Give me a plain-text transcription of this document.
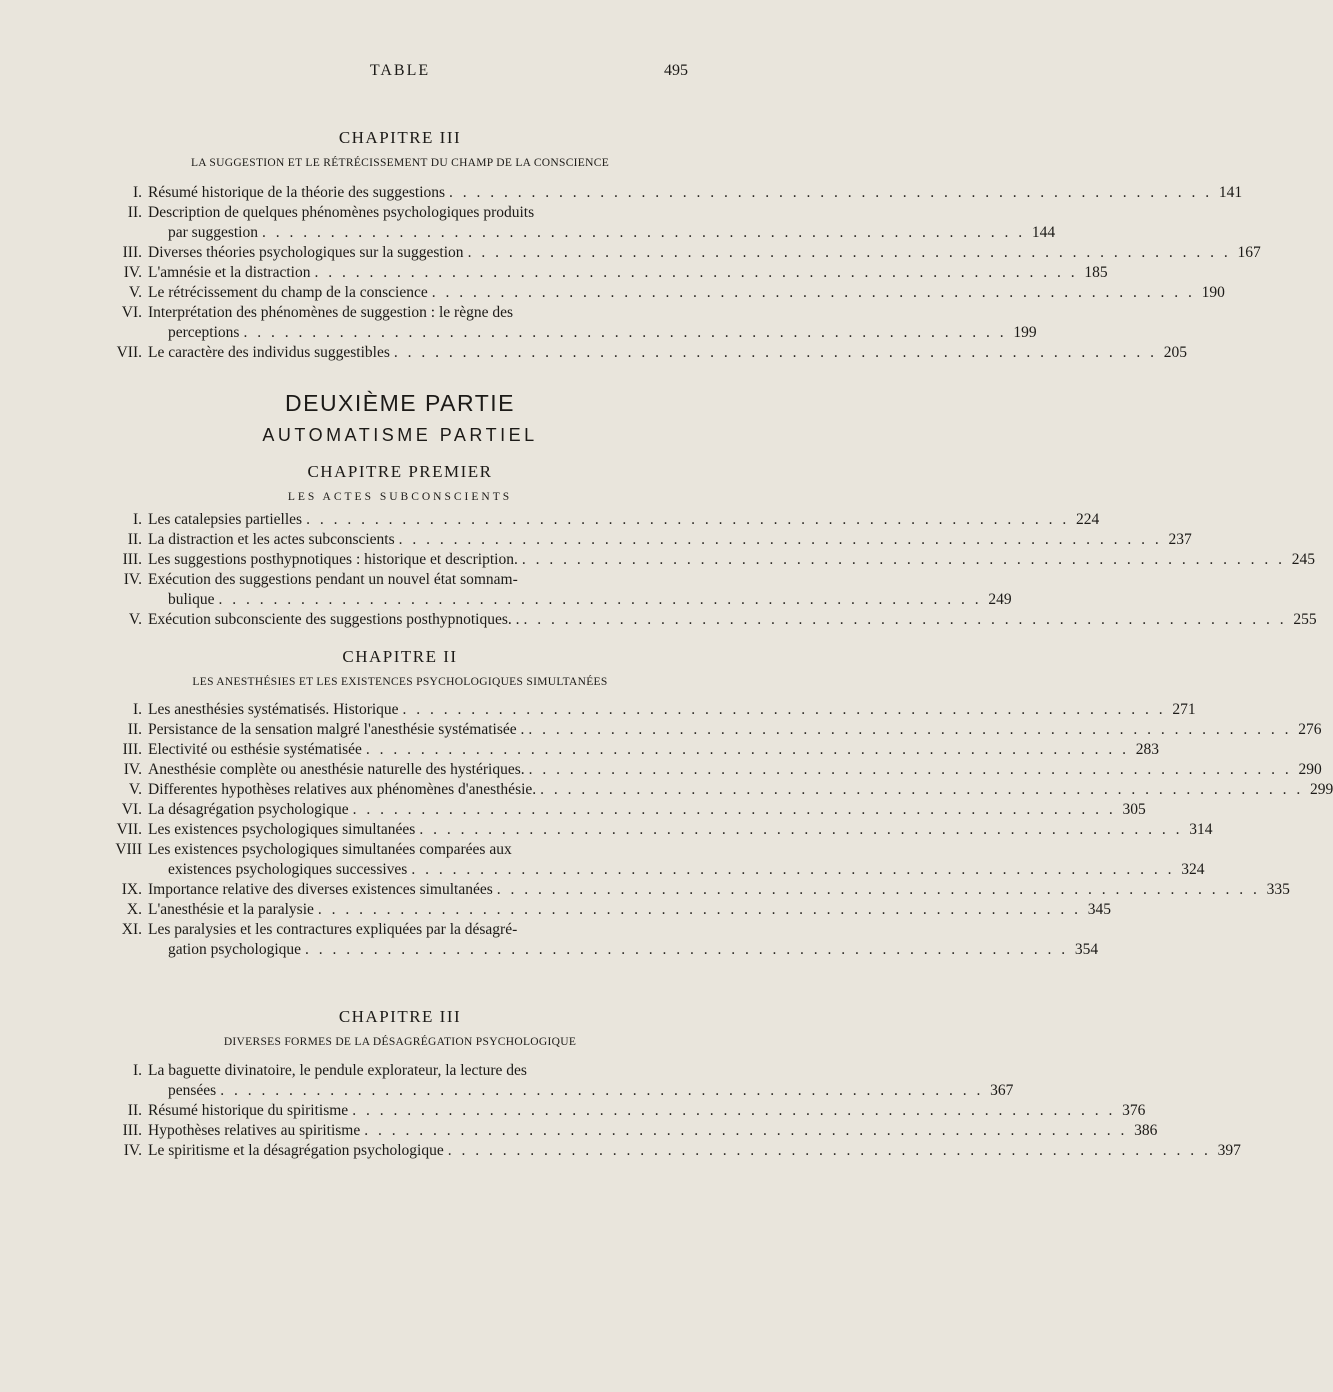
TABLE	495

CHAPITRE III

LA SUGGESTION ET LE RÉTRÉCISSEMENT DU CHAMP DE LA CONSCIENCE

I. Résumé historique de la théorie des suggestions . . . . . . . . . . . . . . . . . . . . . . . . . . . . . . . . . . . . . . . . . . . . . . . . . . . . . . . . 141
II. Description de quelques phénomènes psychologiques produits
par suggestion . . . . . . . . . . . . . . . . . . . . . . . . . . . . . . . . . . . . . . . . . . . . . . . . . . . . . . . . 144
III. Diverses théories psychologiques sur la suggestion . . . . . . . . . . . . . . . . . . . . . . . . . . . . . . . . . . . . . . . . . . . . . . . . . . . . . . . . 167
IV. L'amnésie et la distraction . . . . . . . . . . . . . . . . . . . . . . . . . . . . . . . . . . . . . . . . . . . . . . . . . . . . . . . . 185
V. Le rétrécissement du champ de la conscience . . . . . . . . . . . . . . . . . . . . . . . . . . . . . . . . . . . . . . . . . . . . . . . . . . . . . . . . 190
VI. Interprétation des phénomènes de suggestion : le règne des
perceptions . . . . . . . . . . . . . . . . . . . . . . . . . . . . . . . . . . . . . . . . . . . . . . . . . . . . . . . . 199
VII. Le caractère des individus suggestibles . . . . . . . . . . . . . . . . . . . . . . . . . . . . . . . . . . . . . . . . . . . . . . . . . . . . . . . . 205

DEUXIÈME PARTIE

AUTOMATISME PARTIEL

CHAPITRE PREMIER

LES ACTES SUBCONSCIENTS

I. Les catalepsies partielles . . . . . . . . . . . . . . . . . . . . . . . . . . . . . . . . . . . . . . . . . . . . . . . . . . . . . . . . 224
II. La distraction et les actes subconscients . . . . . . . . . . . . . . . . . . . . . . . . . . . . . . . . . . . . . . . . . . . . . . . . . . . . . . . . 237
III. Les suggestions posthypnotiques : historique et description. . . . . . . . . . . . . . . . . . . . . . . . . . . . . . . . . . . . . . . . . . . . . . . . . . . . . . . . . 245
IV. Exécution des suggestions pendant un nouvel état somnam-
bulique . . . . . . . . . . . . . . . . . . . . . . . . . . . . . . . . . . . . . . . . . . . . . . . . . . . . . . . . 249
V. Exécution subconsciente des suggestions posthypnotiques. . . . . . . . . . . . . . . . . . . . . . . . . . . . . . . . . . . . . . . . . . . . . . . . . . . . . . . . . . 255

CHAPITRE II

LES ANESTHÉSIES ET LES EXISTENCES PSYCHOLOGIQUES SIMULTANÉES

I. Les anesthésies systématisés. Historique . . . . . . . . . . . . . . . . . . . . . . . . . . . . . . . . . . . . . . . . . . . . . . . . . . . . . . . . 271
II. Persistance de la sensation malgré l'anesthésie systématisée . . . . . . . . . . . . . . . . . . . . . . . . . . . . . . . . . . . . . . . . . . . . . . . . . . . . . . . . . 276
III. Electivité ou esthésie systématisée . . . . . . . . . . . . . . . . . . . . . . . . . . . . . . . . . . . . . . . . . . . . . . . . . . . . . . . . 283
IV. Anesthésie complète ou anesthésie naturelle des hystériques. . . . . . . . . . . . . . . . . . . . . . . . . . . . . . . . . . . . . . . . . . . . . . . . . . . . . . . . . 290
V. Differentes hypothèses relatives aux phénomènes d'anesthésie. . . . . . . . . . . . . . . . . . . . . . . . . . . . . . . . . . . . . . . . . . . . . . . . . . . . . . . . . 299
VI. La désagrégation psychologique . . . . . . . . . . . . . . . . . . . . . . . . . . . . . . . . . . . . . . . . . . . . . . . . . . . . . . . . 305
VII. Les existences psychologiques simultanées . . . . . . . . . . . . . . . . . . . . . . . . . . . . . . . . . . . . . . . . . . . . . . . . . . . . . . . . 314
VIII Les existences psychologiques simultanées comparées aux
existences psychologiques successives . . . . . . . . . . . . . . . . . . . . . . . . . . . . . . . . . . . . . . . . . . . . . . . . . . . . . . . . 324
IX. Importance relative des diverses existences simultanées . . . . . . . . . . . . . . . . . . . . . . . . . . . . . . . . . . . . . . . . . . . . . . . . . . . . . . . . 335
X. L'anesthésie et la paralysie . . . . . . . . . . . . . . . . . . . . . . . . . . . . . . . . . . . . . . . . . . . . . . . . . . . . . . . . 345
XI. Les paralysies et les contractures expliquées par la désagré-
gation psychologique . . . . . . . . . . . . . . . . . . . . . . . . . . . . . . . . . . . . . . . . . . . . . . . . . . . . . . . . 354

CHAPITRE III

DIVERSES FORMES DE LA DÉSAGRÉGATION PSYCHOLOGIQUE

I. La baguette divinatoire, le pendule explorateur, la lecture des
pensées . . . . . . . . . . . . . . . . . . . . . . . . . . . . . . . . . . . . . . . . . . . . . . . . . . . . . . . . 367
II. Résumé historique du spiritisme . . . . . . . . . . . . . . . . . . . . . . . . . . . . . . . . . . . . . . . . . . . . . . . . . . . . . . . . 376
III. Hypothèses relatives au spiritisme . . . . . . . . . . . . . . . . . . . . . . . . . . . . . . . . . . . . . . . . . . . . . . . . . . . . . . . . 386
IV. Le spiritisme et la désagrégation psychologique . . . . . . . . . . . . . . . . . . . . . . . . . . . . . . . . . . . . . . . . . . . . . . . . . . . . . . . . 397
